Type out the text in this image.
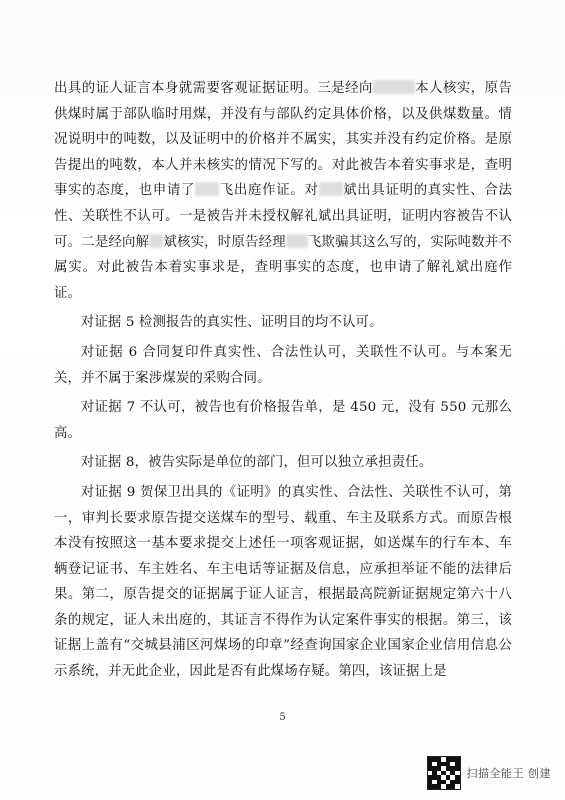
出具的证人证言本身就需要客观证据证明。三是经向	本人核实，原告供煤时属于部队临时用煤，并没有与部队约定具体价格，以及供煤数量。情况说明中的吨数，以及证明中的价格并不属实，其实并没有约定价格。是原告提出的吨数，本人并未核实的情况下写的。对此被告本着实事求是，查明事实的态度，也申请了 飞出庭作证。对 斌出具证明的真实性、合法性、关联性不认可。一是被告并未授权解礼斌出具证明，证明内容被告不认可。二是经向解 斌核实，时原告经理 飞欺骗其这么写的，实际吨数并不属实。对此被告本着实事求是，查明事实的态度，也申请了解礼斌出庭作证。

对证据 5 检测报告的真实性、证明目的均不认可。

对证据 6 合同复印件真实性、合法性认可，关联性不认可。与本案无关，并不属于案涉煤炭的采购合同。

对证据 7 不认可，被告也有价格报告单，是 450 元，没有 550 元那么高。

对证据 8，被告实际是单位的部门，但可以独立承担责任。

对证据 9 贺保卫出具的《证明》的真实性、合法性、关联性不认可，第一，审判长要求原告提交送煤车的型号、载重、车主及联系方式。而原告根本没有按照这一基本要求提交上述任一项客观证据，如送煤车的行车本、车辆登记证书、车主姓名、车主电话等证据及信息，应承担举证不能的法律后果。第二，原告提交的证据属于证人证言，根据最高院新证据规定第六十八条的规定，证人未出庭的，其证言不得作为认定案件事实的根据。第三，该证据上盖有“交城县浦区河煤场的印章”经查询国家企业国家企业信用信息公示系统，并无此企业，因此是否有此煤场存疑。第四，该证据上是

5
扫描全能王 创建
